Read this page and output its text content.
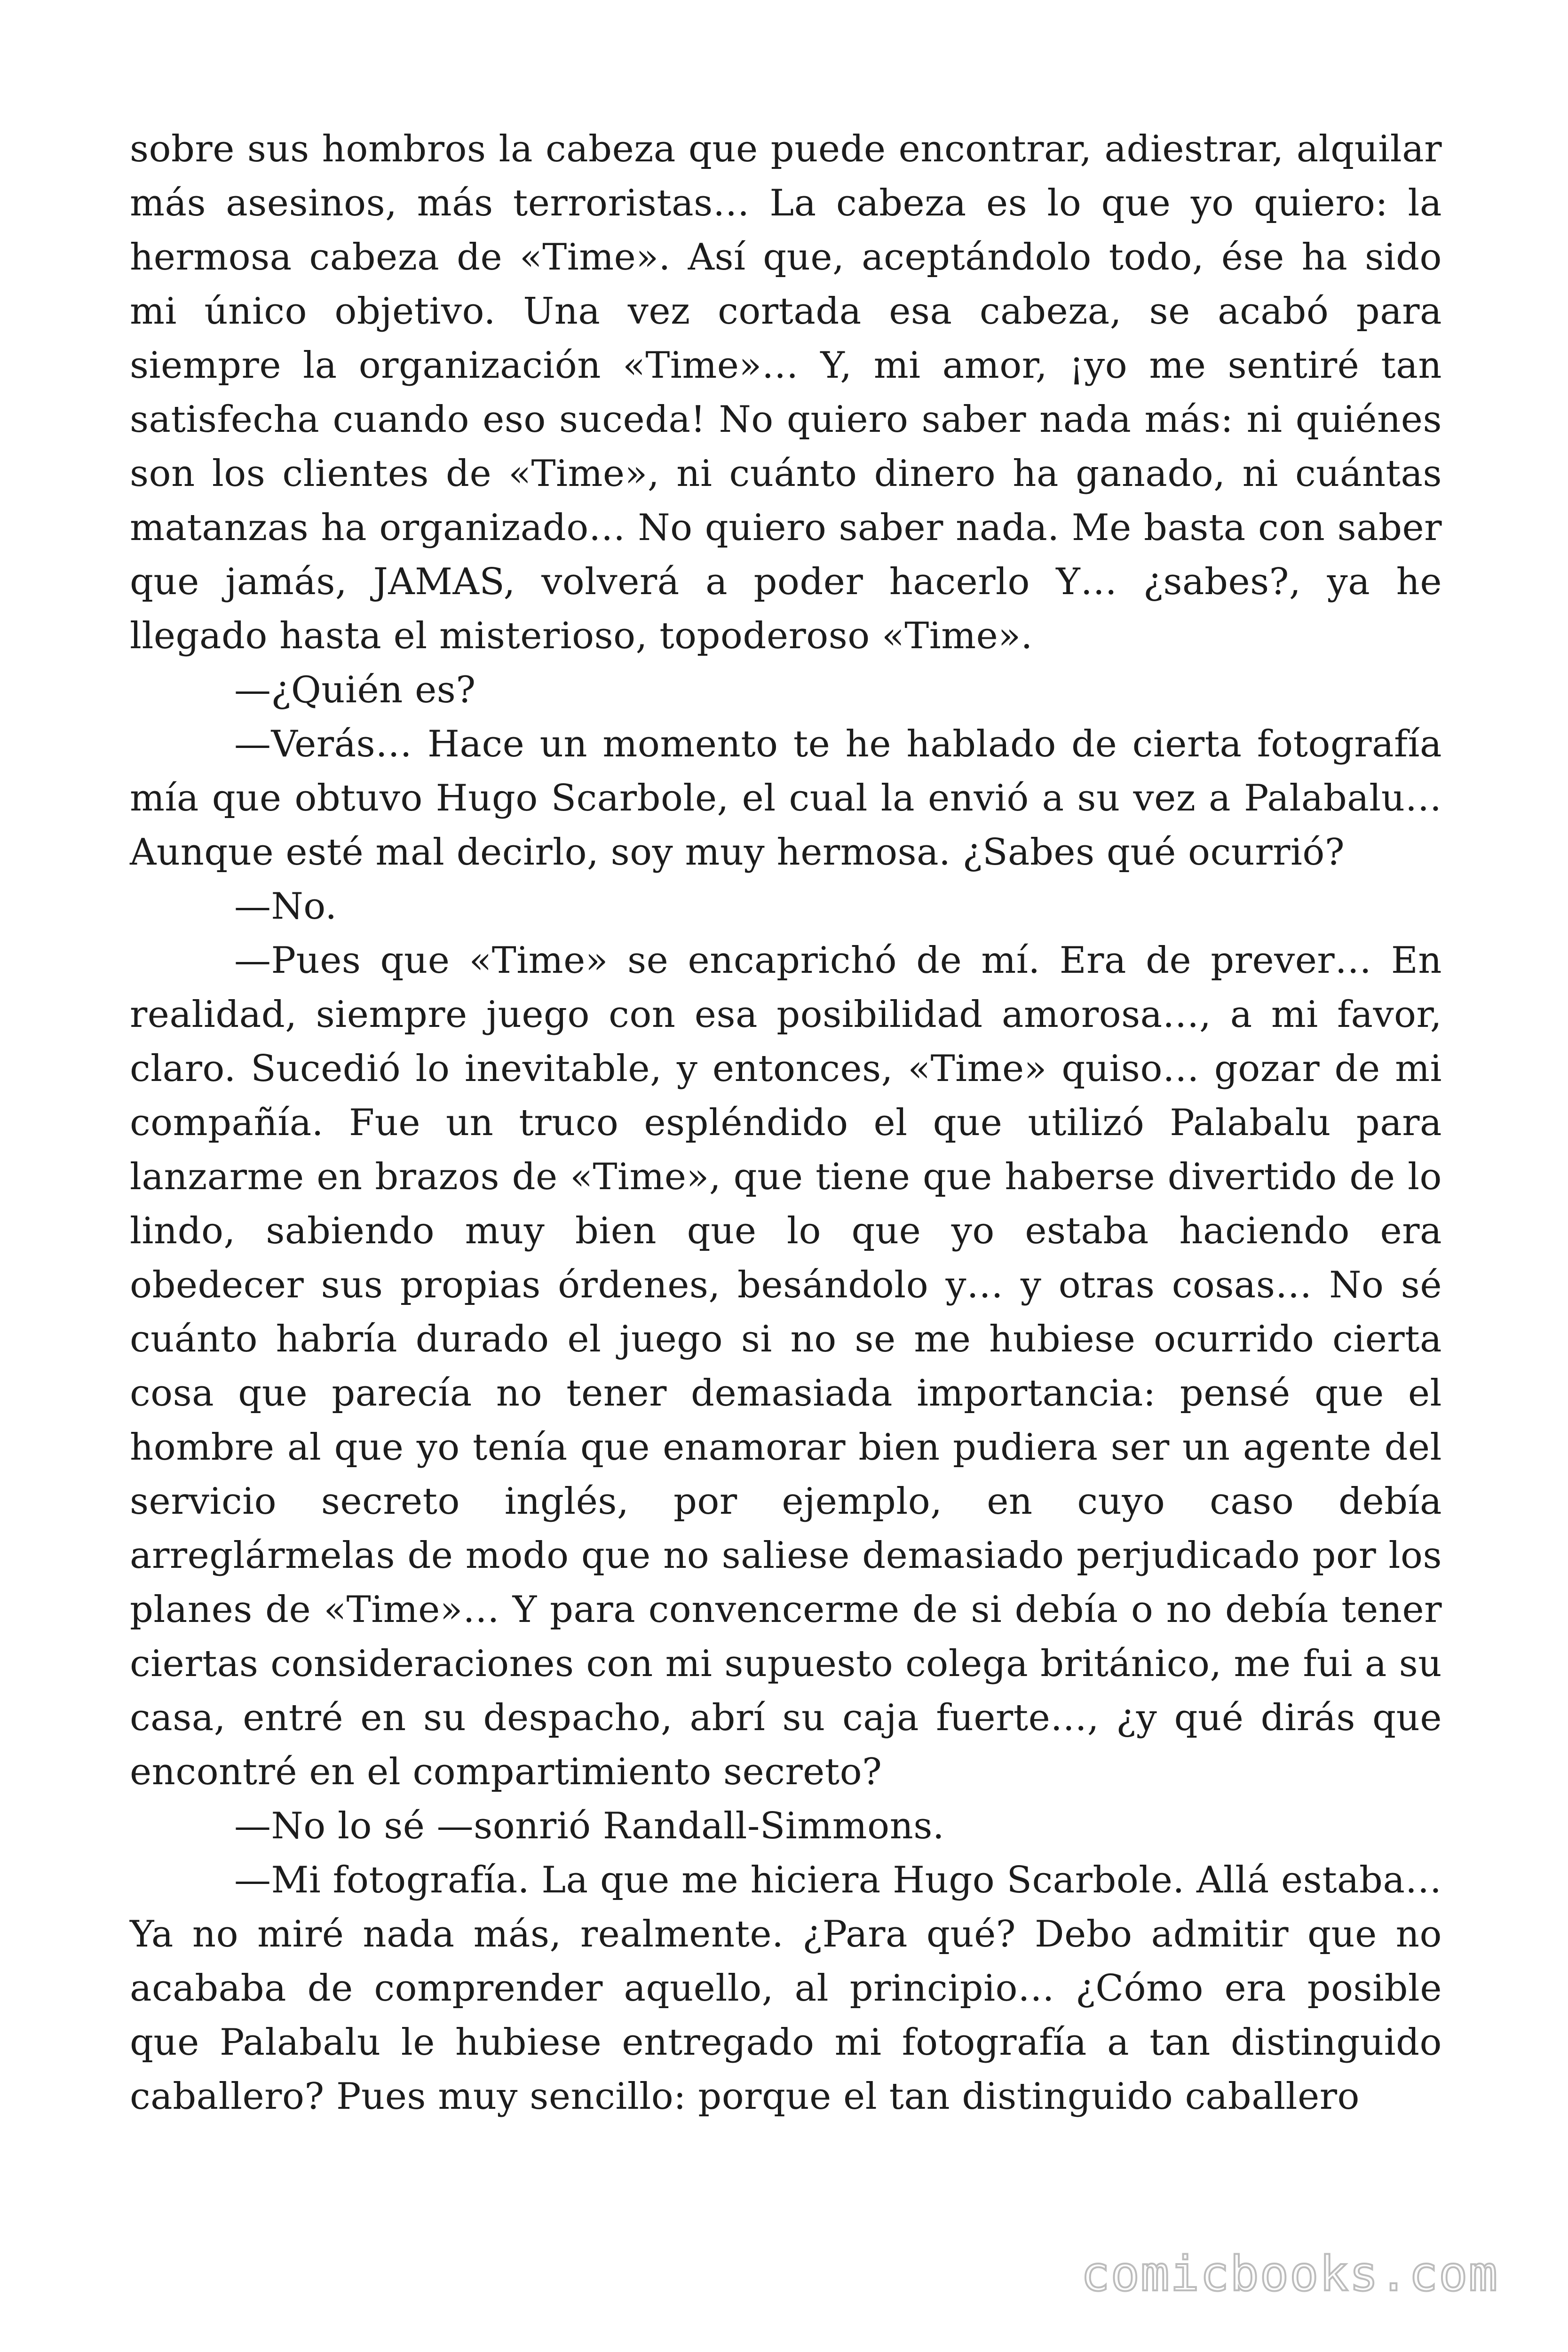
sobre sus hombros la cabeza que puede encontrar, adiestrar, alquilar más asesinos, más terroristas… La cabeza es lo que yo quiero: la hermosa cabeza de «Time». Así que, aceptándolo todo, ése ha sido mi único objetivo. Una vez cortada esa cabeza, se acabó para siempre la organización «Time»… Y, mi amor, ¡yo me sentiré tan satisfecha cuando eso suceda! No quiero saber nada más: ni quiénes son los clientes de «Time», ni cuánto dinero ha ganado, ni cuántas matanzas ha organizado… No quiero saber nada. Me basta con saber que jamás, JAMAS, volverá a poder hacerlo Y… ¿sabes?, ya he llegado hasta el misterioso, topoderoso «Time».

—¿Quién es?

—Verás… Hace un momento te he hablado de cierta fotografía mía que obtuvo Hugo Scarbole, el cual la envió a su vez a Palabalu… Aunque esté mal decirlo, soy muy hermosa. ¿Sabes qué ocurrió?

—No.

—Pues que «Time» se encaprichó de mí. Era de prever… En realidad, siempre juego con esa posibilidad amorosa…, a mi favor, claro. Sucedió lo inevitable, y entonces, «Time» quiso… gozar de mi compañía. Fue un truco espléndido el que utilizó Palabalu para lanzarme en brazos de «Time», que tiene que haberse divertido de lo lindo, sabiendo muy bien que lo que yo estaba haciendo era obedecer sus propias órdenes, besándolo y… y otras cosas… No sé cuánto habría durado el juego si no se me hubiese ocurrido cierta cosa que parecía no tener demasiada importancia: pensé que el hombre al que yo tenía que enamorar bien pudiera ser un agente del servicio secreto inglés, por ejemplo, en cuyo caso debía arreglármelas de modo que no saliese demasiado perjudicado por los planes de «Time»… Y para convencerme de si debía o no debía tener ciertas consideraciones con mi supuesto colega británico, me fui a su casa, entré en su despacho, abrí su caja fuerte…, ¿y qué dirás que encontré en el compartimiento secreto?

—No lo sé —sonrió Randall-Simmons.

—Mi fotografía. La que me hiciera Hugo Scarbole. Allá estaba… Ya no miré nada más, realmente. ¿Para qué? Debo admitir que no acababa de comprender aquello, al principio… ¿Cómo era posible que Palabalu le hubiese entregado mi fotografía a tan distinguido caballero? Pues muy sencillo: porque el tan distinguido caballero

comicbooks.com
